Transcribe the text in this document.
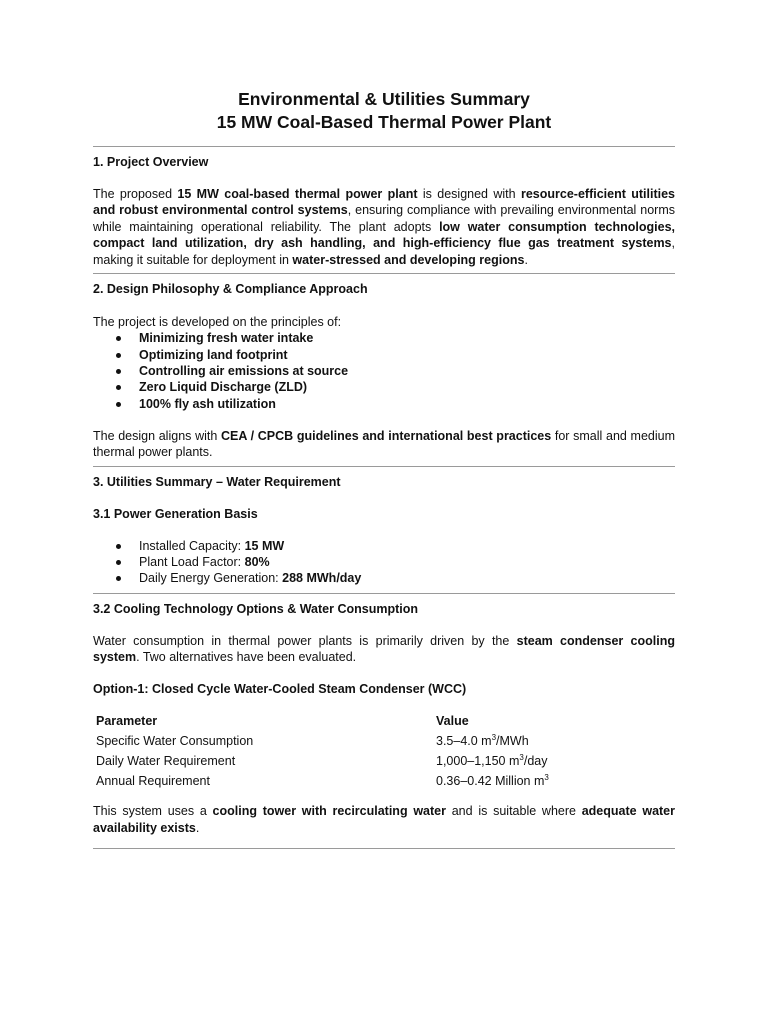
Environmental & Utilities Summary
15 MW Coal-Based Thermal Power Plant
1. Project Overview

The proposed 15 MW coal-based thermal power plant is designed with resource-efficient utilities and robust environmental control systems, ensuring compliance with prevailing environmental norms while maintaining operational reliability. The plant adopts low water consumption technologies, compact land utilization, dry ash handling, and high-efficiency flue gas treatment systems, making it suitable for deployment in water-stressed and developing regions.

2. Design Philosophy & Compliance Approach

The project is developed on the principles of:

Minimizing fresh water intake
Optimizing land footprint
Controlling air emissions at source
Zero Liquid Discharge (ZLD)
100% fly ash utilization

The design aligns with CEA / CPCB guidelines and international best practices for small and medium thermal power plants.

3. Utilities Summary – Water Requirement
3.1 Power Generation Basis
Installed Capacity: 15 MW
Plant Load Factor: 80%
Daily Energy Generation: 288 MWh/day
3.2 Cooling Technology Options & Water Consumption

Water consumption in thermal power plants is primarily driven by the steam condenser cooling system. Two alternatives have been evaluated.

Option-1: Closed Cycle Water-Cooled Steam Condenser (WCC)
Parameter	Value
Specific Water Consumption	3.5–4.0 $m^3$/MWh
Daily Water Requirement	1,000–1,150 $m^3$/day
Annual Requirement	0.36–0.42 Million $m^3$

This system uses a cooling tower with recirculating water and is suitable where adequate water availability exists.
